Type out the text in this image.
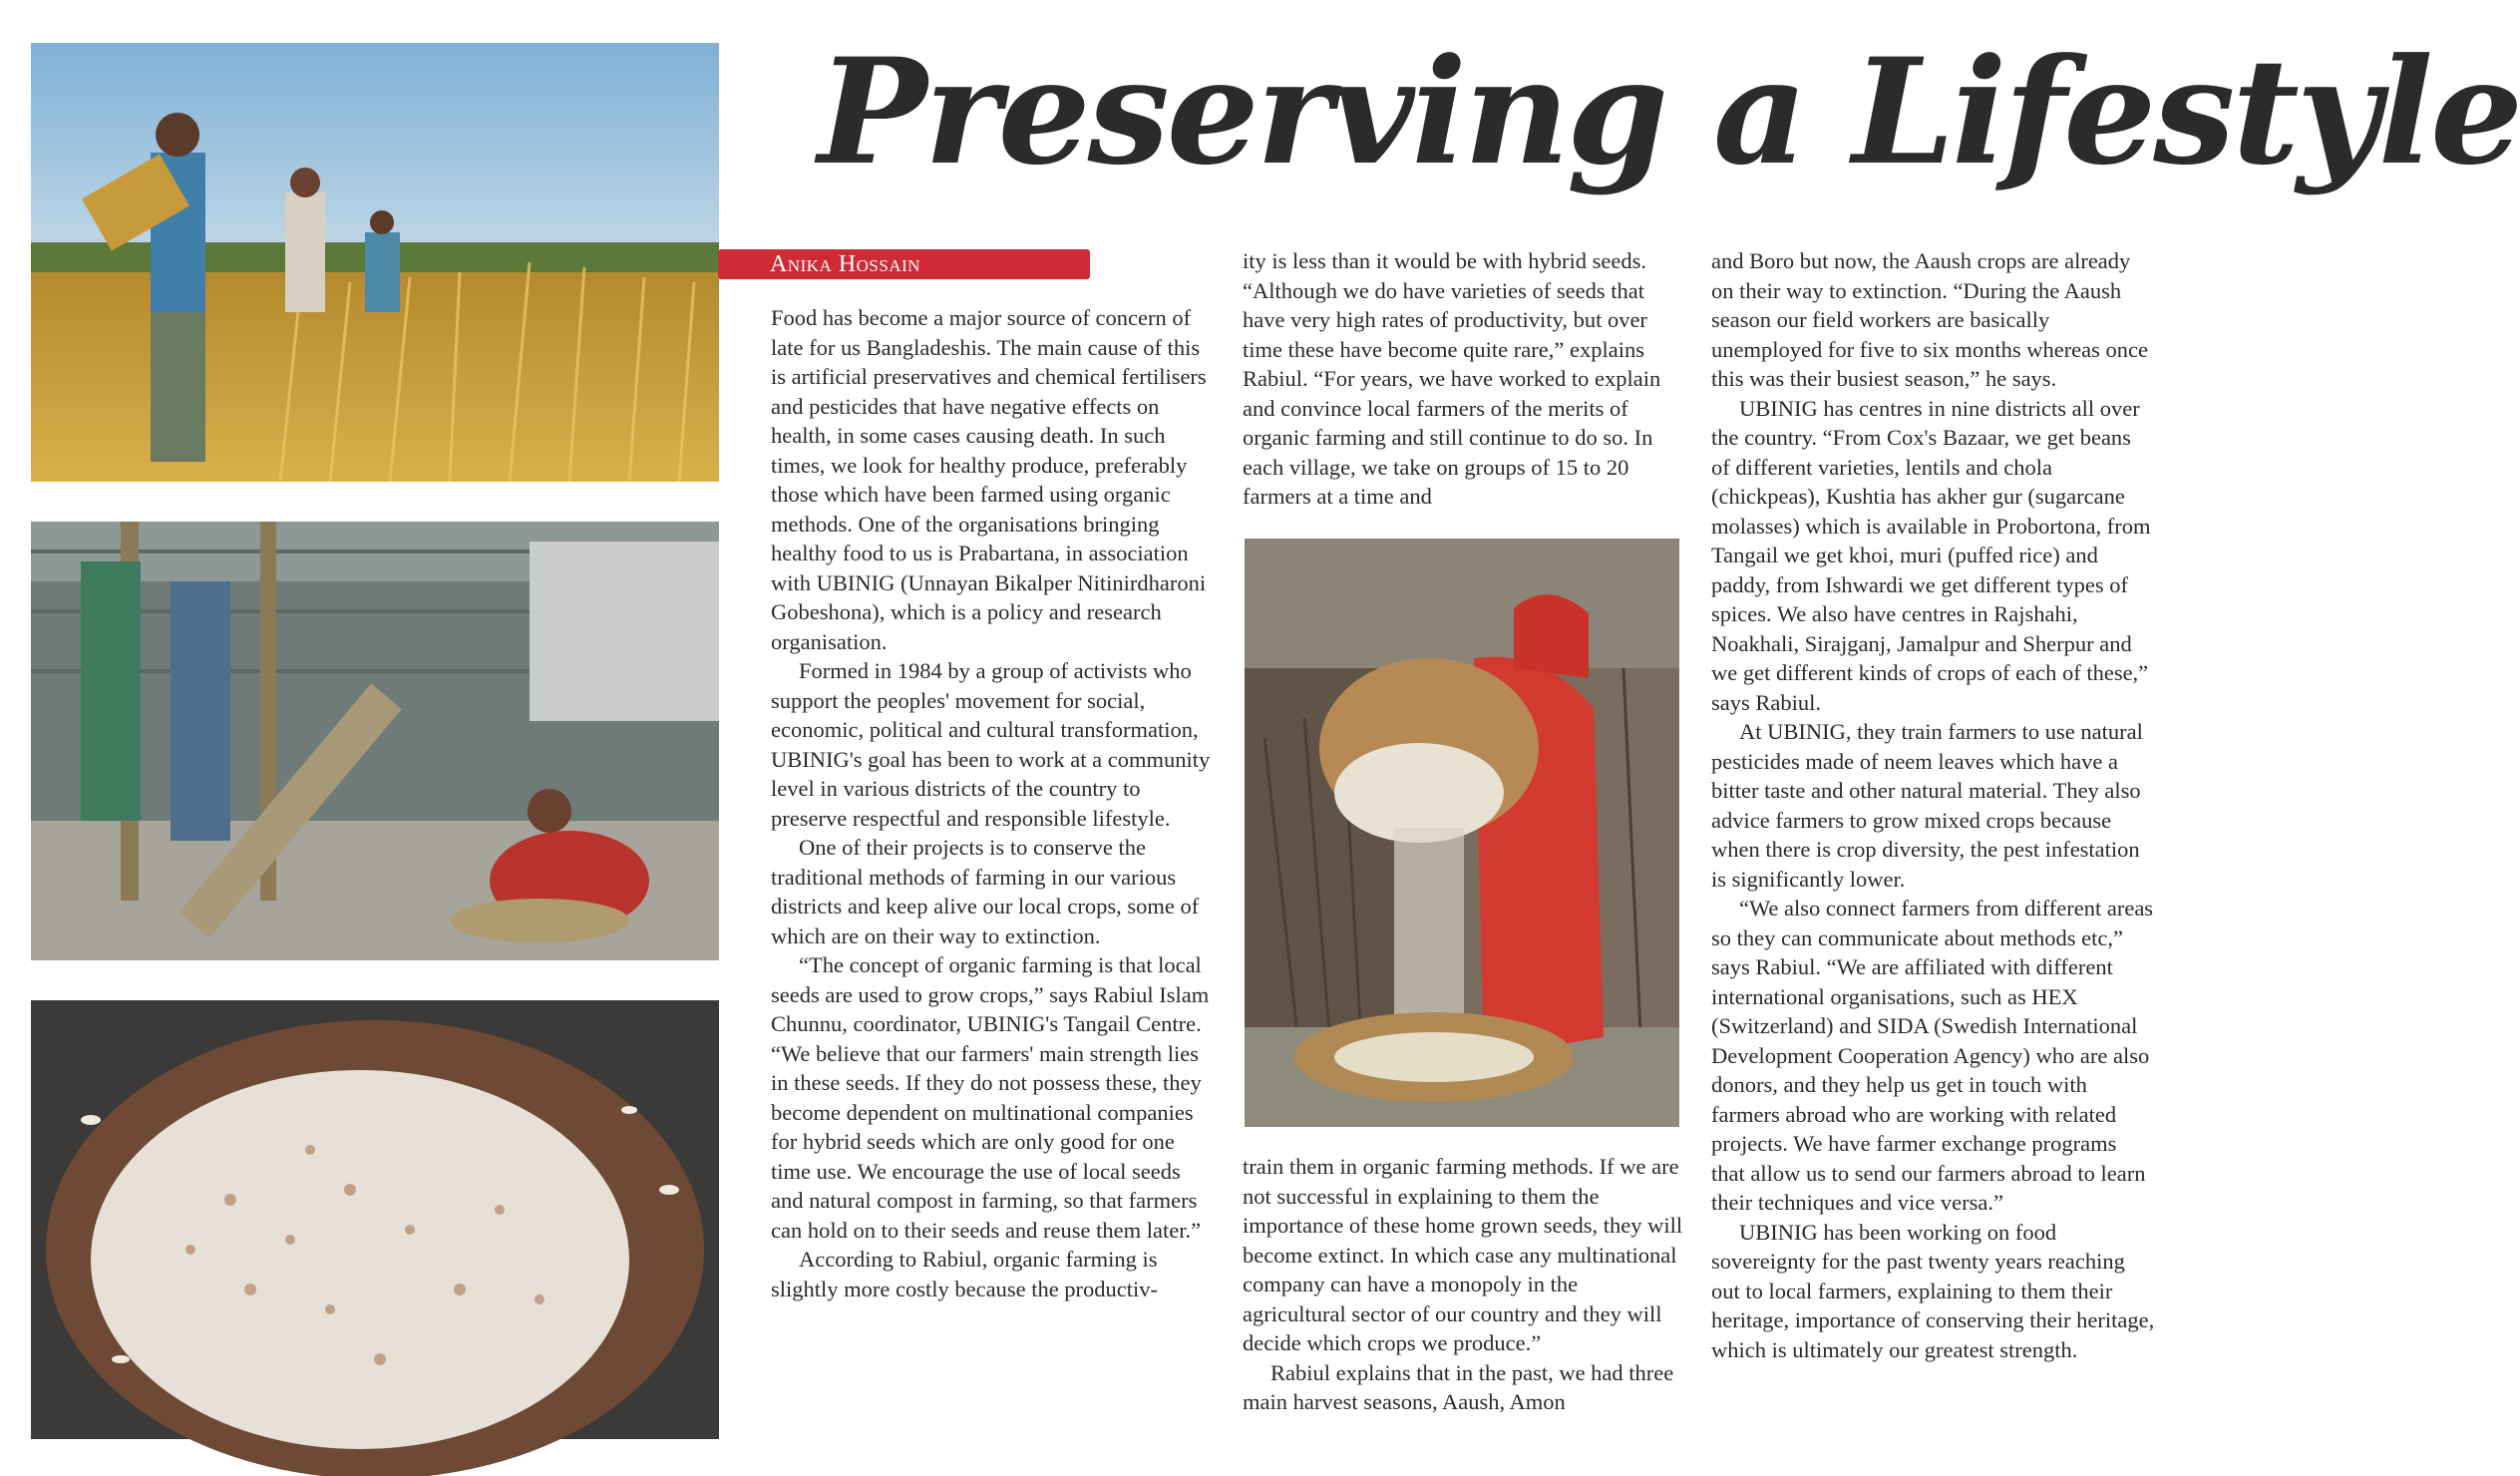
Preserving a Lifestyle
Anika Hossain

Food has become a major source of concern of late for us Bangladeshis. The main cause of this is artificial preservatives and chemical fertilisers and pesticides that have negative effects on health, in some cases causing death. In such times, we look for healthy produce, preferably those which have been farmed using organic methods. One of the organisations bringing healthy food to us is Prabartana, in association with UBINIG (Unnayan Bikalper Nitinirdharoni Gobeshona), which is a policy and research organisation.

Formed in 1984 by a group of activists who support the peoples' movement for social, economic, political and cultural transformation, UBINIG's goal has been to work at a community level in various districts of the country to preserve respectful and responsible lifestyle.

One of their projects is to conserve the traditional methods of farming in our various districts and keep alive our local crops, some of which are on their way to extinction.

“The concept of organic farming is that local seeds are used to grow crops,” says Rabiul Islam Chunnu, coordinator, UBINIG's Tangail Centre. “We believe that our farmers' main strength lies in these seeds. If they do not possess these, they become dependent on multinational companies for hybrid seeds which are only good for one time use. We encourage the use of local seeds and natural compost in farming, so that farmers can hold on to their seeds and reuse them later.”

According to Rabiul, organic farming is slightly more costly because the productiv-

ity is less than it would be with hybrid seeds. “Although we do have varieties of seeds that have very high rates of productivity, but over time these have become quite rare,” explains Rabiul. “For years, we have worked to explain and convince local farmers of the merits of organic farming and still continue to do so. In each village, we take on groups of 15 to 20 farmers at a time and

train them in organic farming methods. If we are not successful in explaining to them the importance of these home grown seeds, they will become extinct. In which case any multinational company can have a monopoly in the agricultural sector of our country and they will decide which crops we produce.”

Rabiul explains that in the past, we had three main harvest seasons, Aaush, Amon

and Boro but now, the Aaush crops are already on their way to extinction. “During the Aaush season our field workers are basically unemployed for five to six months whereas once this was their busiest season,” he says.

UBINIG has centres in nine districts all over the country. “From Cox's Bazaar, we get beans of different varieties, lentils and chola (chickpeas), Kushtia has akher gur (sugarcane molasses) which is available in Probortona, from Tangail we get khoi, muri (puffed rice) and paddy, from Ishwardi we get different types of spices. We also have centres in Rajshahi, Noakhali, Sirajganj, Jamalpur and Sherpur and we get different kinds of crops of each of these,” says Rabiul.

At UBINIG, they train farmers to use natural pesticides made of neem leaves which have a bitter taste and other natural material. They also advice farmers to grow mixed crops because when there is crop diversity, the pest infestation is significantly lower.

“We also connect farmers from different areas so they can communicate about methods etc,” says Rabiul. “We are affiliated with different international organisations, such as HEX (Switzerland) and SIDA (Swedish International Development Cooperation Agency) who are also donors, and they help us get in touch with farmers abroad who are working with related projects. We have farmer exchange programs that allow us to send our farmers abroad to learn their techniques and vice versa.”

UBINIG has been working on food sovereignty for the past twenty years reaching out to local farmers, explaining to them their heritage, importance of conserving their heritage, which is ultimately our greatest strength.
